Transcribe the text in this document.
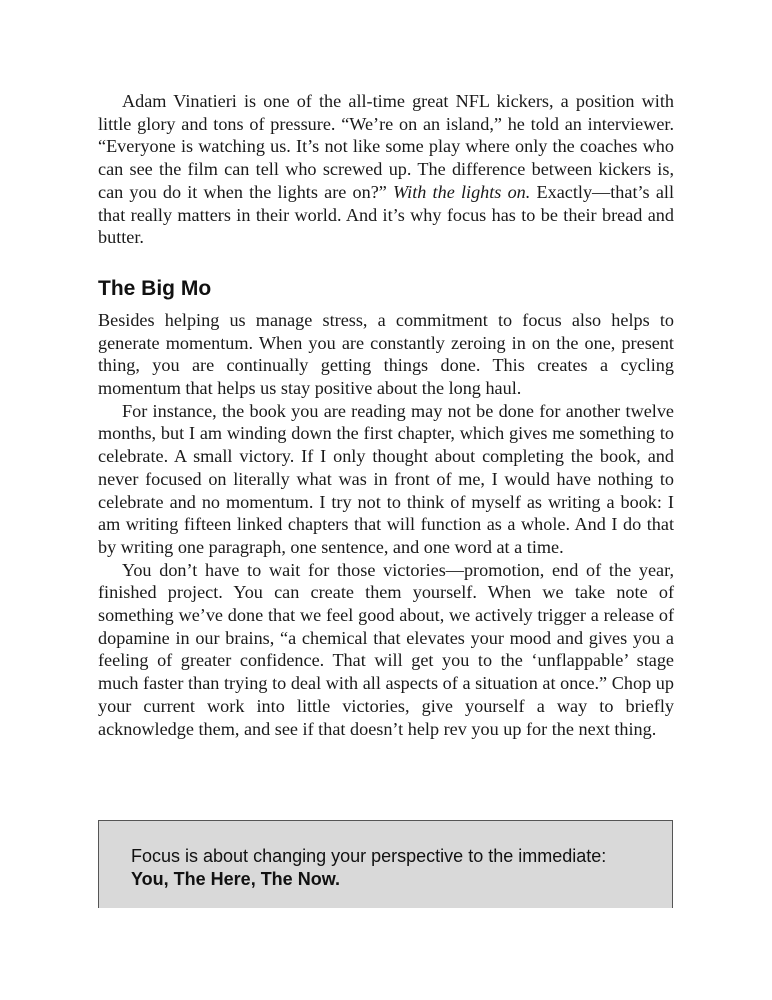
Adam Vinatieri is one of the all-time great NFL kickers, a position with little glory and tons of pressure. “We’re on an island,” he told an interviewer. “Everyone is watching us. It’s not like some play where only the coaches who can see the film can tell who screwed up. The difference between kickers is, can you do it when the lights are on?” With the lights on. Exactly—that’s all that really matters in their world. And it’s why focus has to be their bread and butter.

The Big Mo

Besides helping us manage stress, a commitment to focus also helps to generate momentum. When you are constantly zeroing in on the one, present thing, you are continually getting things done. This creates a cycling momentum that helps us stay positive about the long haul.

For instance, the book you are reading may not be done for another twelve months, but I am winding down the first chapter, which gives me something to celebrate. A small victory. If I only thought about completing the book, and never focused on literally what was in front of me, I would have nothing to celebrate and no momentum. I try not to think of myself as writing a book: I am writing fifteen linked chapters that will function as a whole. And I do that by writing one paragraph, one sentence, and one word at a time.

You don’t have to wait for those victories—promotion, end of the year, finished project. You can create them yourself. When we take note of something we’ve done that we feel good about, we actively trigger a release of dopamine in our brains, “a chemical that elevates your mood and gives you a feeling of greater confidence. That will get you to the ‘unflappable’ stage much faster than trying to deal with all aspects of a situation at once.” Chop up your current work into little victories, give yourself a way to briefly acknowledge them, and see if that doesn’t help rev you up for the next thing.

Focus is about changing your perspective to the immediate:
You, The Here, The Now.
